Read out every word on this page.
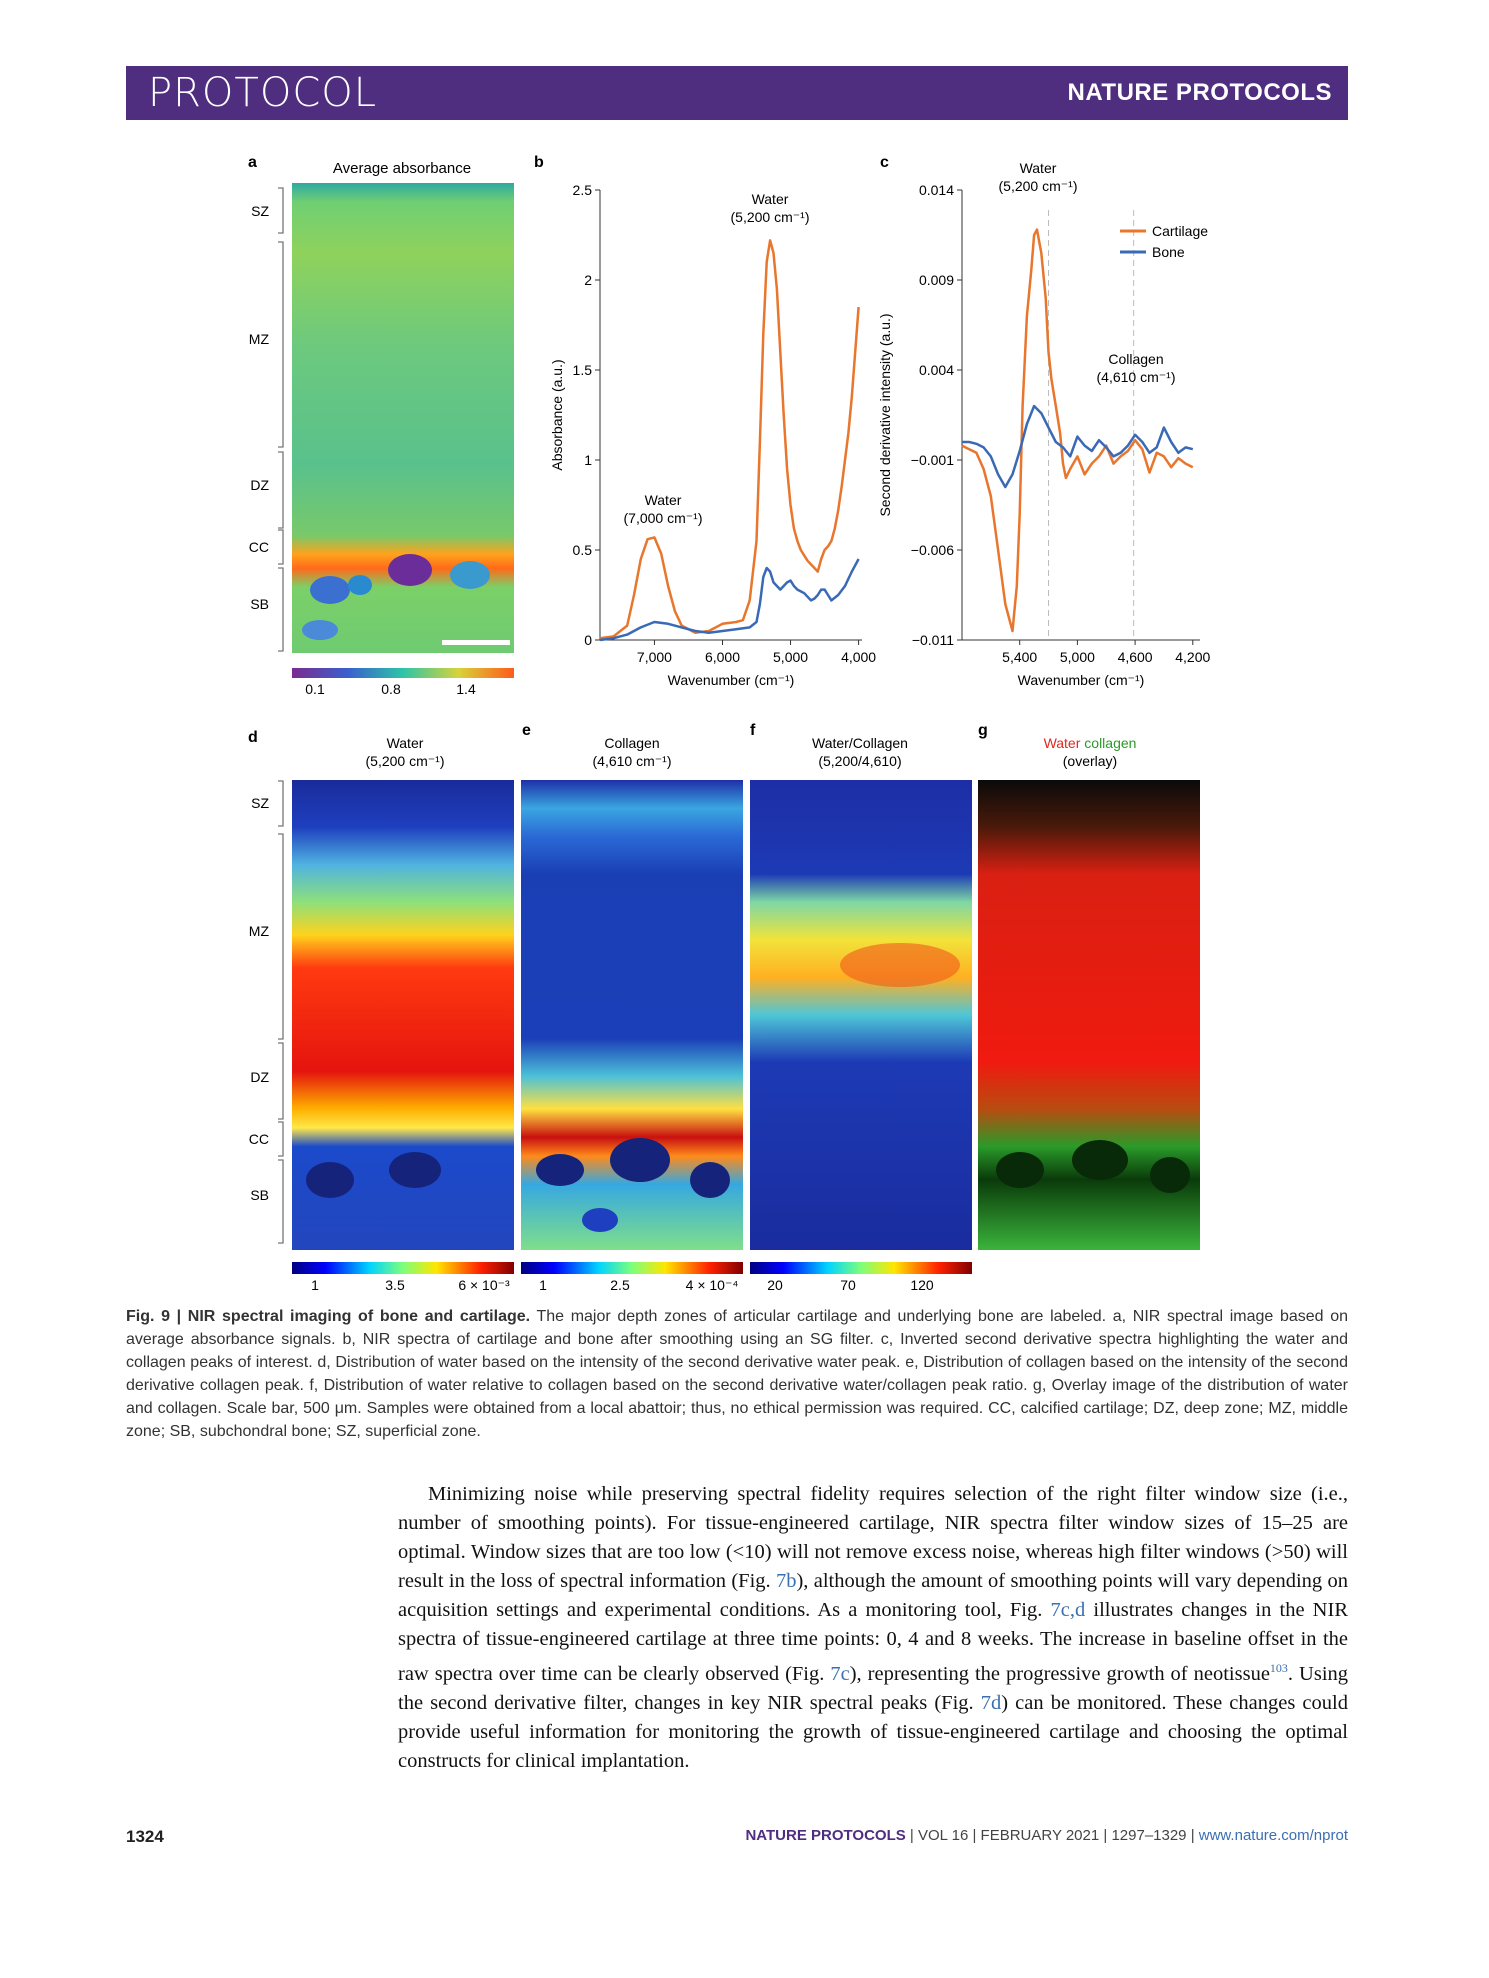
PROTOCOL	NATURE PROTOCOLS
a	Average absorbance
0.1	0.8	1.4
SZ
MZ
DZ
CC
SB
b
0
0.5
1
1.5
2
2.5
7,000 6,000 5,000 4,000
Wavenumber (cm⁻¹)
Absorbance (a.u.)
Water
(7,000 cm⁻¹)
Water
(5,200 cm⁻¹)
c
−0.011
−0.006
−0.001
0.004
0.009
0.014
5,400 5,000 4,600 4,200
Wavenumber (cm⁻¹)
Second derivative intensity (a.u.)
Water
(5,200 cm⁻¹)
Collagen
(4,610 cm⁻¹)
Cartilage
Bone
d	Water
(5,200 cm⁻¹)
1	3.5	6 × 10⁻³
SZ
MZ
DZ
CC
SB
e
Collagen
(4,610 cm⁻¹)
1	2.5	4 × 10⁻⁴
f
Water/Collagen
(5,200/4,610)
20	70	120
g
Water collagen
(overlay)
Fig. 9 | NIR spectral imaging of bone and cartilage. The major depth zones of articular cartilage and underlying bone are labeled. a, NIR spectral image based on average absorbance signals. b, NIR spectra of cartilage and bone after smoothing using an SG filter. c, Inverted second derivative spectra highlighting the water and collagen peaks of interest. d, Distribution of water based on the intensity of the second derivative water peak. e, Distribution of collagen based on the intensity of the second derivative collagen peak. f, Distribution of water relative to collagen based on the second derivative water/collagen peak ratio. g, Overlay image of the distribution of water and collagen. Scale bar, 500 μm. Samples were obtained from a local abattoir; thus, no ethical permission was required. CC, calcified cartilage; DZ, deep zone; MZ, middle zone; SB, subchondral bone; SZ, superficial zone.
Minimizing noise while preserving spectral fidelity requires selection of the right filter window size (i.e., number of smoothing points). For tissue-engineered cartilage, NIR spectra filter window sizes of 15–25 are optimal. Window sizes that are too low (<10) will not remove excess noise, whereas high filter windows (>50) will result in the loss of spectral information (Fig. 7b), although the amount of smoothing points will vary depending on acquisition settings and experimental conditions. As a monitoring tool, Fig. 7c,d illustrates changes in the NIR spectra of tissue-engineered cartilage at three time points: 0, 4 and 8 weeks. The increase in baseline offset in the raw spectra over time can be clearly observed (Fig. 7c), representing the progressive growth of neotissue$^{103}$. Using the second derivative filter, changes in key NIR spectral peaks (Fig. 7d) can be monitored. These changes could provide useful information for monitoring the growth of tissue-engineered cartilage and choosing the optimal constructs for clinical implantation.
1324	NATURE PROTOCOLS | VOL 16 | FEBRUARY 2021 | 1297–1329 | www.nature.com/nprot
